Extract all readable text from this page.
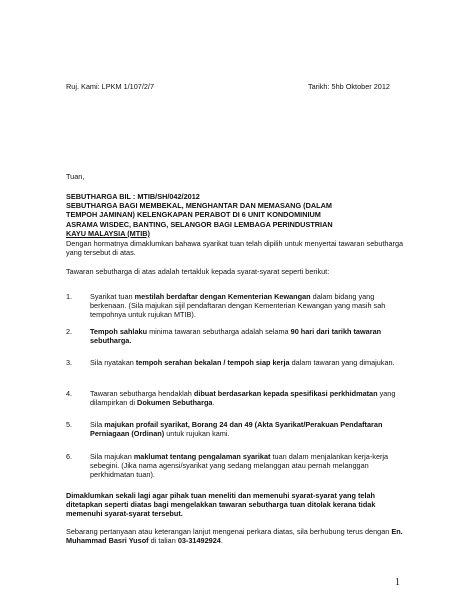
Ruj. Kami: LPKM 1/107/2/7	Tarikh: 5hb Oktober 2012
Tuan,
SEBUTHARGA BIL : MTIB/SH/042/2012
SEBUTHARGA BAGI MEMBEKAL, MENGHANTAR DAN MEMASANG (DALAM
TEMPOH JAMINAN) KELENGKAPAN PERABOT DI 6 UNIT KONDOMINIUM
ASRAMA WISDEC, BANTING, SELANGOR BAGI LEMBAGA PERINDUSTRIAN
KAYU MALAYSIA (MTIB)
Dengan hormatnya dimaklumkan bahawa syarikat tuan telah dipilih untuk menyertai tawaran sebutharga yang tersebut di atas.
Tawaran sebutharga di atas adalah tertakluk kepada syarat-syarat seperti berikut:
1. Syarikat tuan mestilah berdaftar dengan Kementerian Kewangan dalam bidang yang berkenaan. (Sila majukan sijil pendaftaran dengan Kementerian Kewangan yang masih sah tempohnya untuk rujukan MTIB).
2. Tempoh sahlaku minima tawaran sebutharga adalah selama 90 hari dari tarikh tawaran sebutharga.
3. Sila nyatakan tempoh serahan bekalan / tempoh siap kerja dalam tawaran yang dimajukan.
4. Tawaran sebutharga hendaklah dibuat berdasarkan kepada spesifikasi perkhidmatan yang dilampirkan di Dokumen Sebutharga.
5. Sila majukan profail syarikat, Borang 24 dan 49 (Akta Syarikat/Perakuan Pendaftaran Perniagaan (Ordinan) untuk rujukan kami.
6. Sila majukan maklumat tentang pengalaman syarikat tuan dalam menjalankan kerja-kerja sebegini. (Jika nama agensi/syarikat yang sedang melanggan atau pernah melanggan perkhidmatan tuan).
Dimaklumkan sekali lagi agar pihak tuan meneliti dan memenuhi syarat-syarat yang telah ditetapkan seperti diatas bagi mengelakkan tawaran sebutharga tuan ditolak kerana tidak memenuhi syarat-syarat tersebut.
Sebarang pertanyaan atau keterangan lanjut mengenai perkara diatas, sila berhubung terus dengan En. Muhammad Basri Yusof di talian 03-31492924.
1
